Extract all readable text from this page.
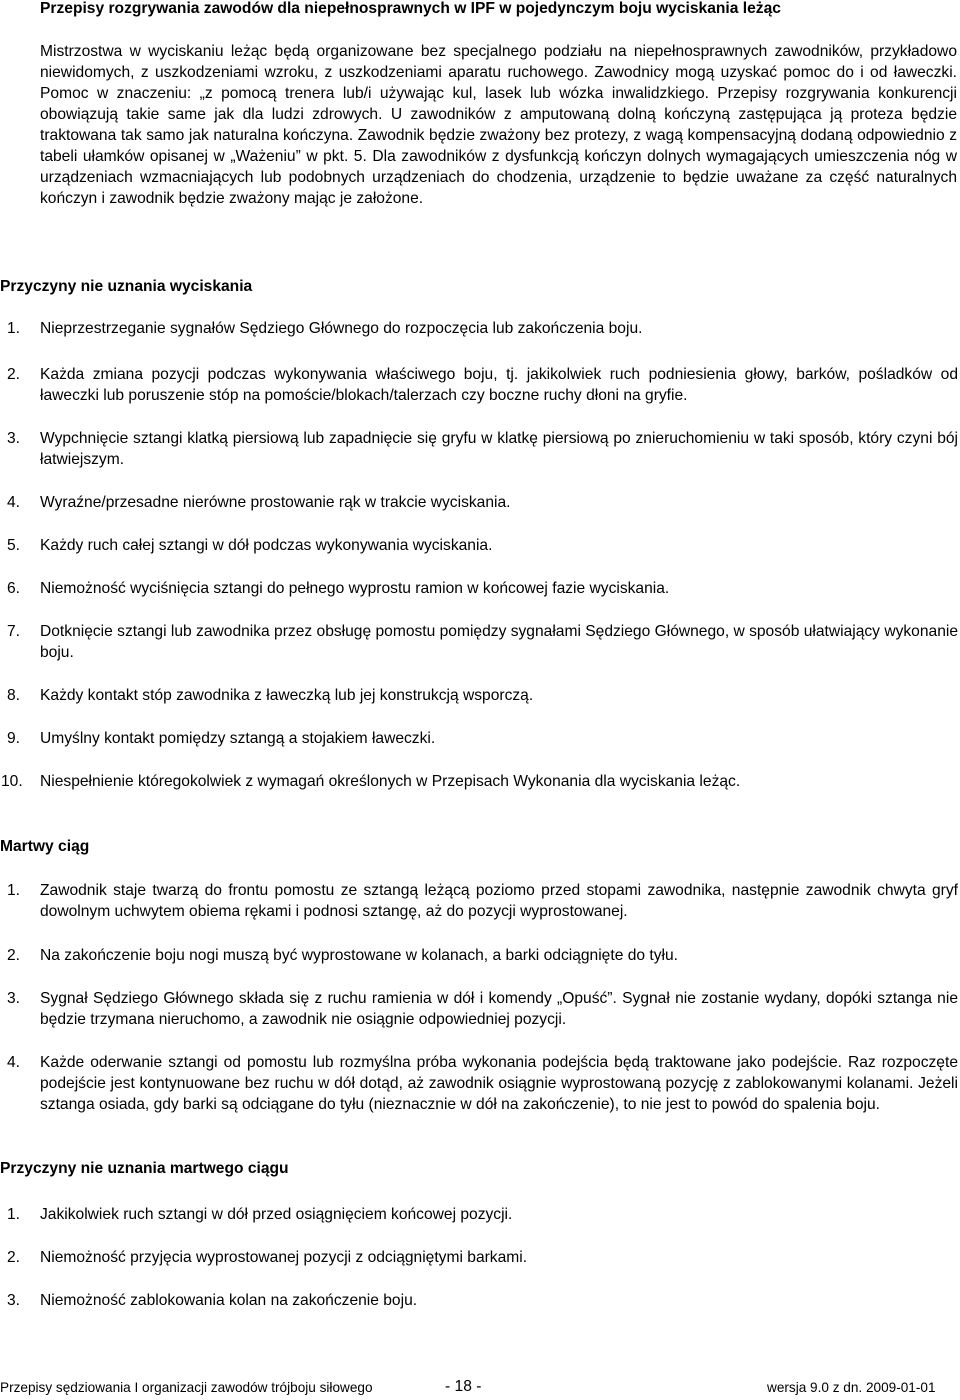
Przepisy rozgrywania zawodów dla niepełnosprawnych w IPF w pojedynczym boju wyciskania leżąc
Mistrzostwa w wyciskaniu leżąc będą organizowane bez specjalnego podziału na niepełnosprawnych zawodników, przykładowo niewidomych, z uszkodzeniami wzroku, z uszkodzeniami aparatu ruchowego. Zawodnicy mogą uzyskać pomoc do i od ławeczki. Pomoc w znaczeniu: „z pomocą trenera lub/i używając kul, lasek lub wózka inwalidzkiego. Przepisy rozgrywania konkurencji obowiązują takie same jak dla ludzi zdrowych. U zawodników z amputowaną dolną kończyną zastępująca ją proteza będzie traktowana tak samo jak naturalna kończyna. Zawodnik będzie zważony bez protezy, z wagą kompensacyjną dodaną odpowiednio z tabeli ułamków opisanej w „Ważeniu” w pkt. 5. Dla zawodników z dysfunkcją kończyn dolnych wymagających umieszczenia nóg w urządzeniach wzmacniających lub podobnych urządzeniach do chodzenia, urządzenie to będzie uważane za część naturalnych kończyn i zawodnik będzie zważony mając je założone.
Przyczyny nie uznania wyciskania
1.	Nieprzestrzeganie sygnałów Sędziego Głównego do rozpoczęcia lub zakończenia boju.
2.	Każda zmiana pozycji podczas wykonywania właściwego boju, tj. jakikolwiek ruch podniesienia głowy, barków, pośladków od ławeczki lub poruszenie stóp na pomoście/blokach/talerzach czy boczne ruchy dłoni na gryfie.
3.	Wypchnięcie sztangi klatką piersiową lub zapadnięcie się gryfu w klatkę piersiową po znieruchomieniu w taki sposób, który czyni bój łatwiejszym.
4.	Wyraźne/przesadne nierówne prostowanie rąk w trakcie wyciskania.
5.	Każdy ruch całej sztangi w dół podczas wykonywania wyciskania.
6.	Niemożność wyciśnięcia sztangi do pełnego wyprostu ramion w końcowej fazie wyciskania.
7.	Dotknięcie sztangi lub zawodnika przez obsługę pomostu pomiędzy sygnałami Sędziego Głównego, w sposób ułatwiający wykonanie boju.
8.	Każdy kontakt stóp zawodnika z ławeczką lub jej konstrukcją wsporczą.
9.	Umyślny kontakt pomiędzy sztangą a stojakiem ławeczki.
10.	Niespełnienie któregokolwiek z wymagań określonych w Przepisach Wykonania dla wyciskania leżąc.
Martwy ciąg
1.	Zawodnik staje twarzą do frontu pomostu ze sztangą leżącą poziomo przed stopami zawodnika, następnie zawodnik chwyta gryf dowolnym uchwytem obiema rękami i podnosi sztangę, aż do pozycji wyprostowanej.
2.	Na zakończenie boju nogi muszą być wyprostowane w kolanach, a barki odciągnięte do tyłu.
3.	Sygnał Sędziego Głównego składa się z ruchu ramienia w dół i komendy „Opuść”. Sygnał nie zostanie wydany, dopóki sztanga nie będzie trzymana nieruchomo, a zawodnik nie osiągnie odpowiedniej pozycji.
4.	Każde oderwanie sztangi od pomostu lub rozmyślna próba wykonania podejścia będą traktowane jako podejście. Raz rozpoczęte podejście jest kontynuowane bez ruchu w dół dotąd, aż zawodnik osiągnie wyprostowaną pozycję z zablokowanymi kolanami. Jeżeli sztanga osiada, gdy barki są odciągane do tyłu (nieznacznie w dół na zakończenie), to nie jest to powód do spalenia boju.
Przyczyny nie uznania martwego ciągu
1.	Jakikolwiek ruch sztangi w dół przed osiągnięciem końcowej pozycji.
2.	Niemożność przyjęcia wyprostowanej pozycji z odciągniętymi barkami.
3.	Niemożność zablokowania kolan na zakończenie boju.
Przepisy sędziowania I organizacji zawodów trójboju siłowego	- 18 -	wersja 9.0 z dn. 2009-01-01
